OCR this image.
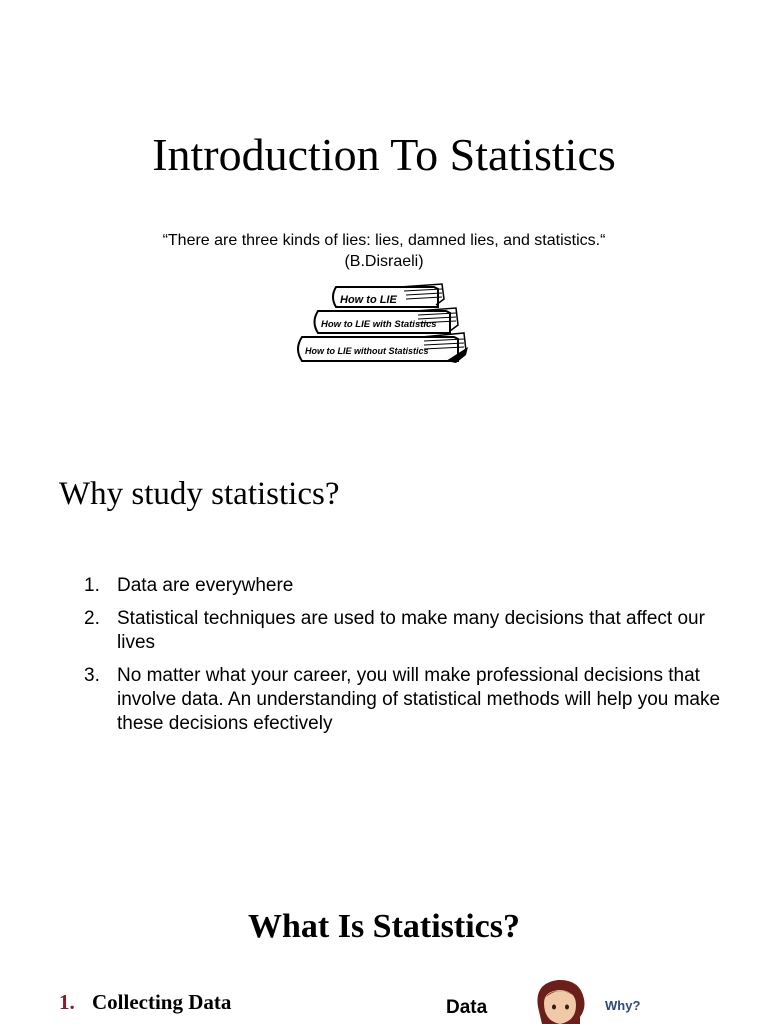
Introduction To Statistics
“There are three kinds of lies: lies, damned lies, and statistics.“
(B.Disraeli)
How to LIE
How to LIE with Statistics
How to LIE without Statistics
Why study statistics?
1. Data are everywhere
2. Statistical techniques are used to make many decisions that affect our lives
3. No matter what your career, you will make professional decisions that involve data. An understanding of statistical methods will help you make these decisions efectively
What Is Statistics?
1. Collecting Data	Data	Why?
